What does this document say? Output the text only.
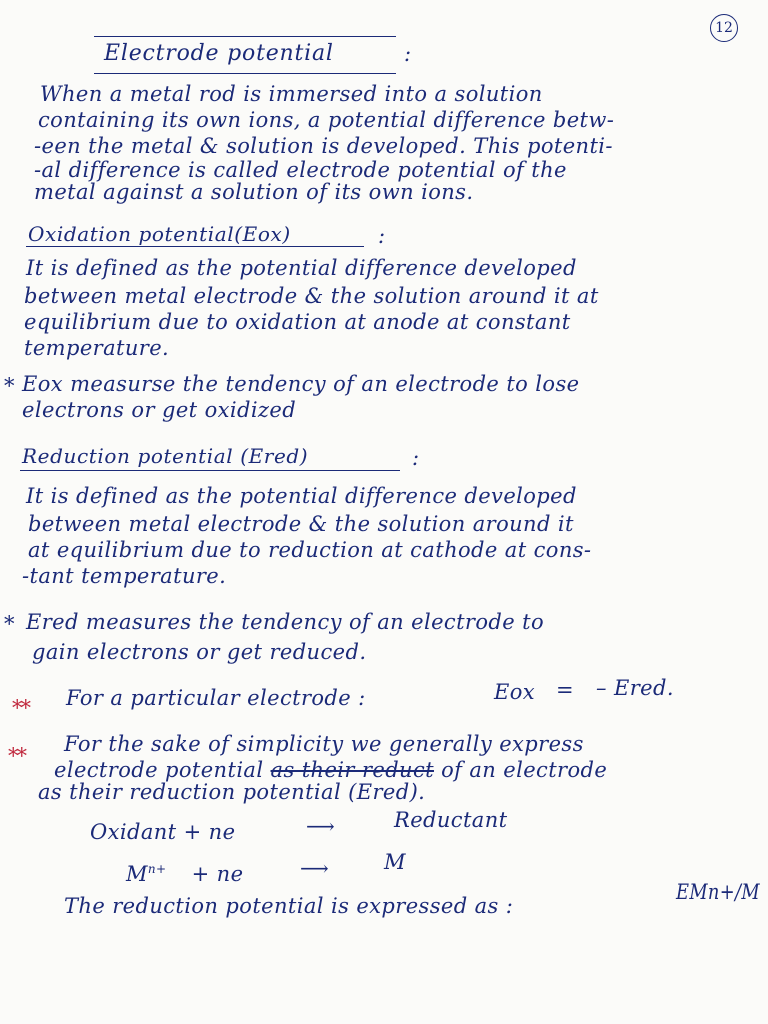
12
Electrode potential	:
When a metal rod is immersed into a solution
containing its own ions, a potential difference betw-
-een the metal & solution is developed. This potenti-
-al difference is called electrode potential of the
metal against a solution of its own ions.
Oxidation potential(Eox)	:
It is defined as the potential difference developed
between metal electrode & the solution around it at
equilibrium due to oxidation at anode at constant
temperature.
* Eox measurse the tendency of an electrode to lose
electrons or get oxidized
Reduction potential (Ered)	:
It is defined as the potential difference developed
between metal electrode & the solution around it
at equilibrium due to reduction at cathode at cons-
-tant temperature.
* Ered measures the tendency of an electrode to
gain electrons or get reduced.
** For a particular electrode :	Eox = – Ered.
** For the sake of simplicity we generally express
electrode potential as their reduct of an electrode
as their reduction potential (Ered).
Oxidant + ne	⟶	Reductant
$M^{n+}$ + ne	⟶	M
The reduction potential is expressed as :
EMn+/M
